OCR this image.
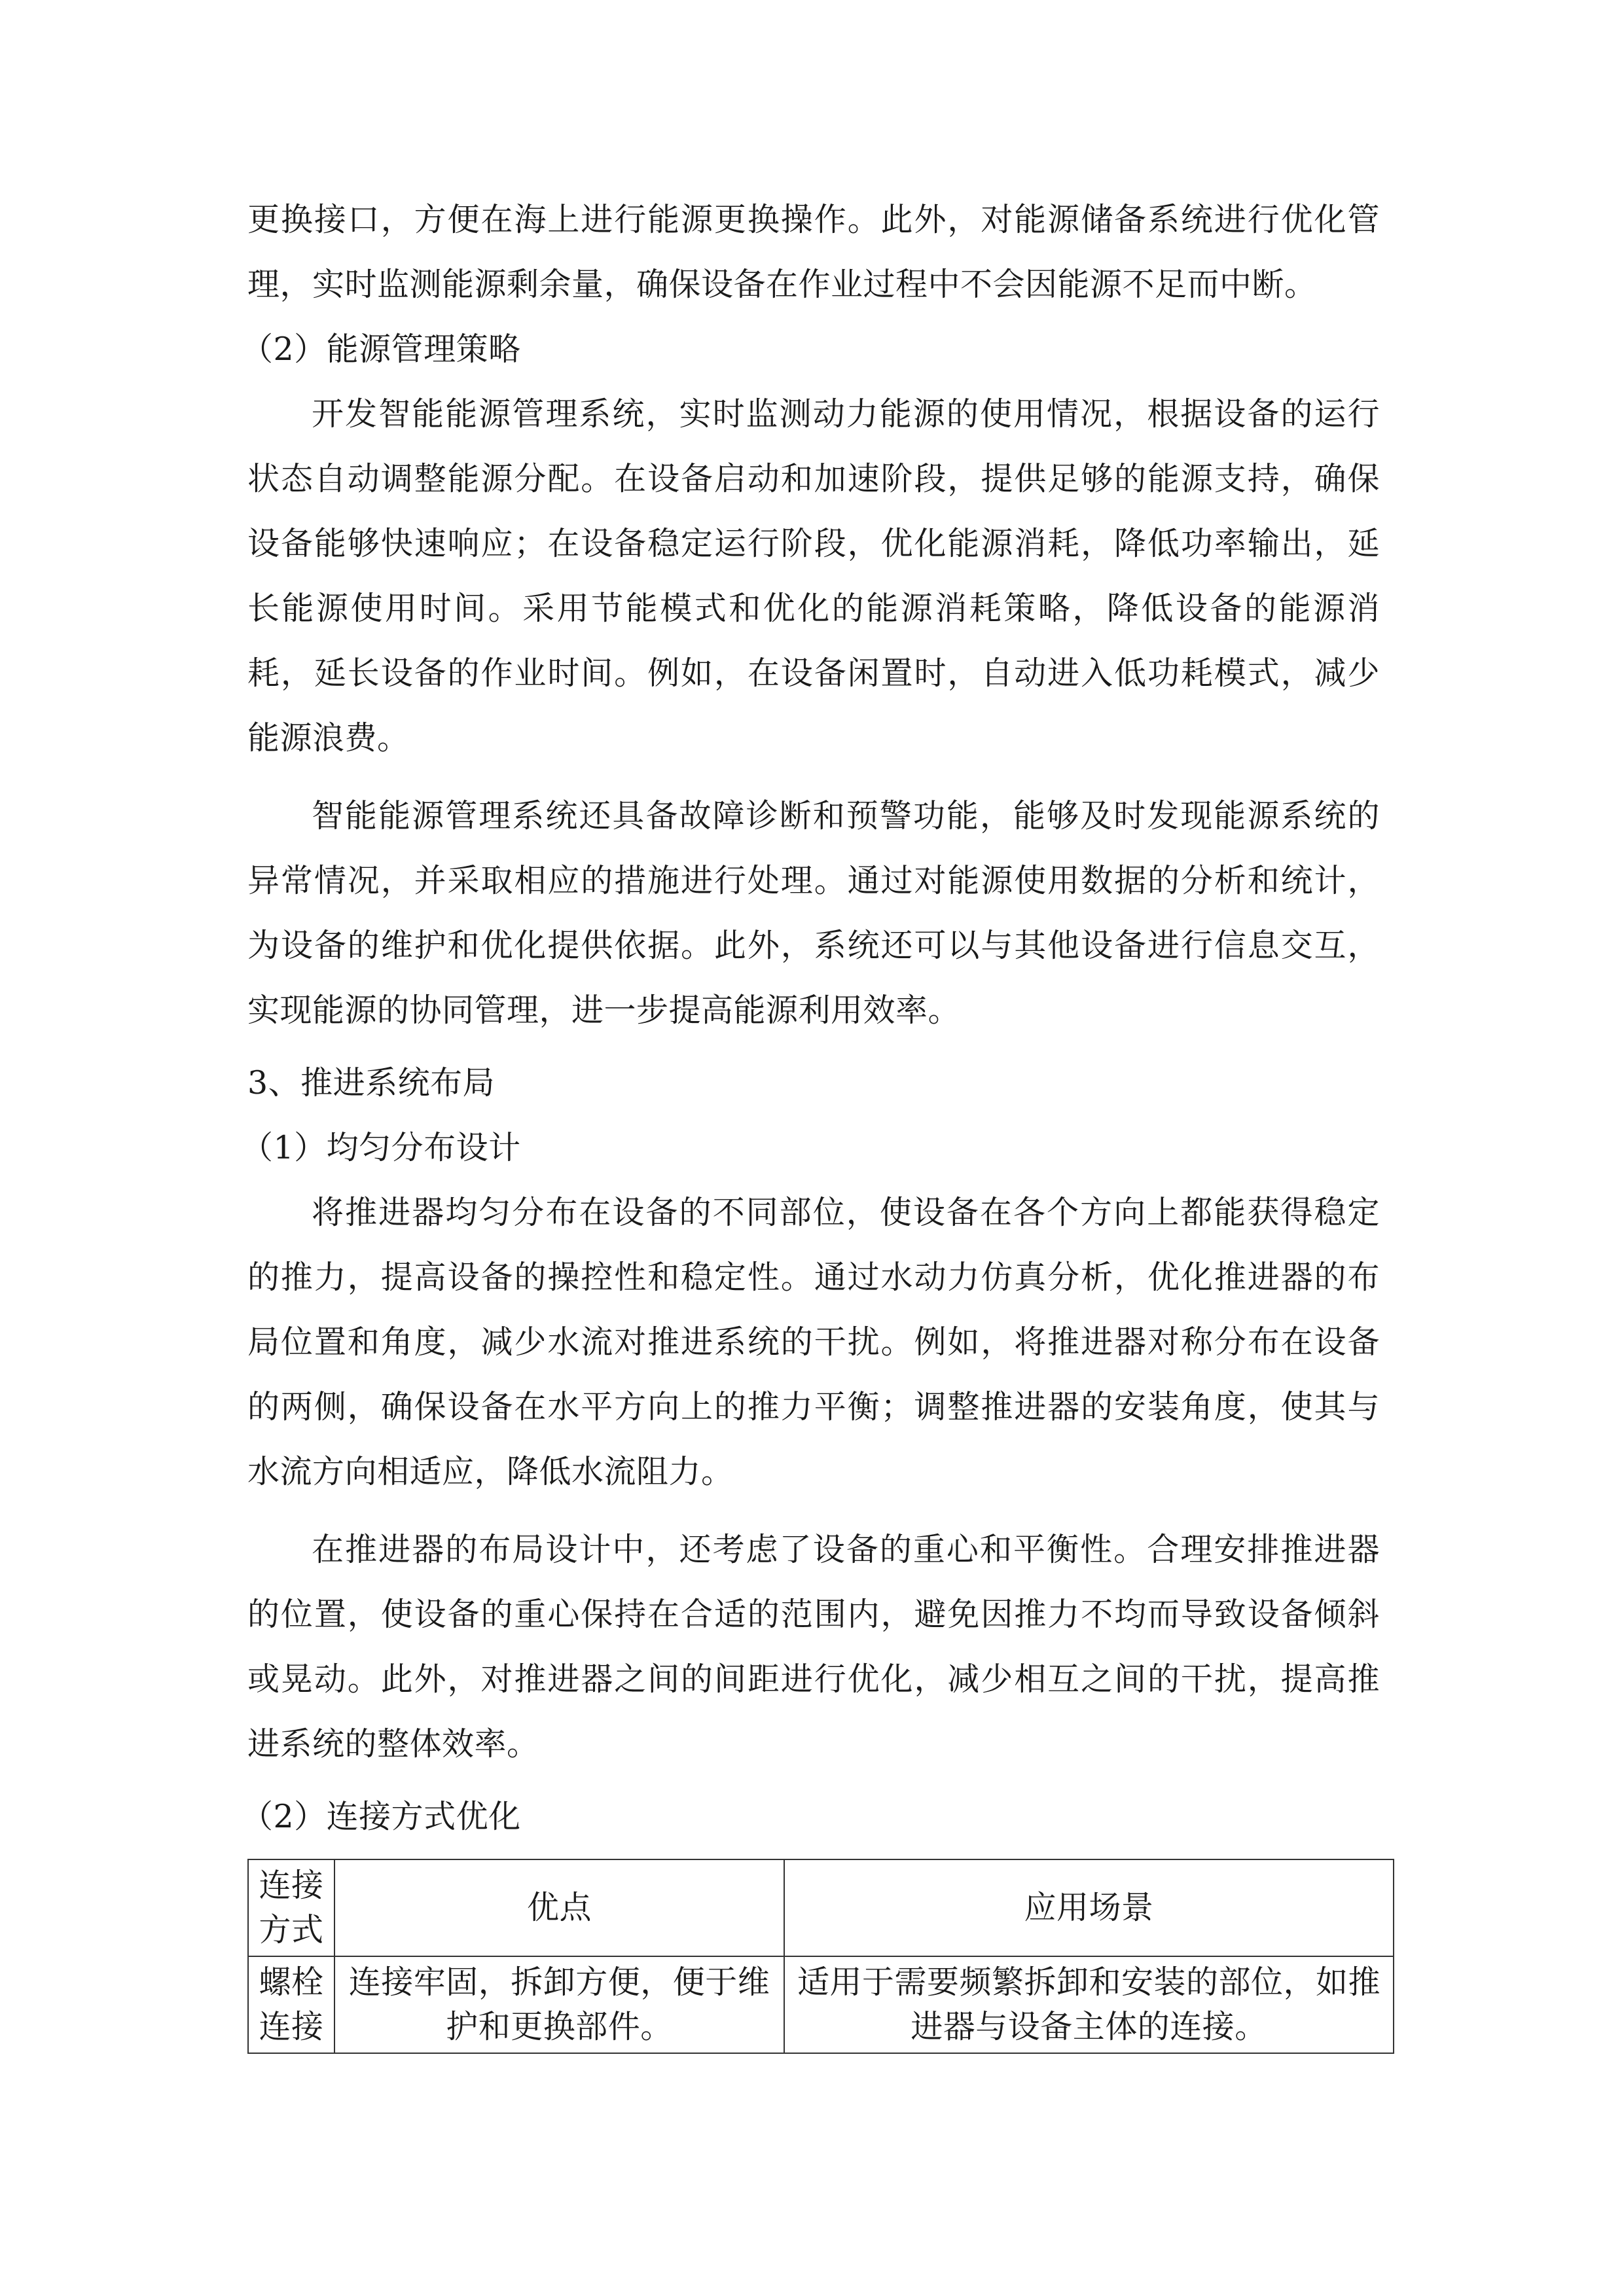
更换接口，方便在海上进行能源更换操作。此外，对能源储备系统进行优化管理，实时监测能源剩余量，确保设备在作业过程中不会因能源不足而中断。

（2）能源管理策略

开发智能能源管理系统，实时监测动力能源的使用情况，根据设备的运行状态自动调整能源分配。在设备启动和加速阶段，提供足够的能源支持，确保设备能够快速响应；在设备稳定运行阶段，优化能源消耗，降低功率输出，延长能源使用时间。采用节能模式和优化的能源消耗策略，降低设备的能源消耗，延长设备的作业时间。例如，在设备闲置时，自动进入低功耗模式，减少能源浪费。

智能能源管理系统还具备故障诊断和预警功能，能够及时发现能源系统的异常情况，并采取相应的措施进行处理。通过对能源使用数据的分析和统计，为设备的维护和优化提供依据。此外，系统还可以与其他设备进行信息交互，实现能源的协同管理，进一步提高能源利用效率。

3、推进系统布局

（1）均匀分布设计

将推进器均匀分布在设备的不同部位，使设备在各个方向上都能获得稳定的推力，提高设备的操控性和稳定性。通过水动力仿真分析，优化推进器的布局位置和角度，减少水流对推进系统的干扰。例如，将推进器对称分布在设备的两侧，确保设备在水平方向上的推力平衡；调整推进器的安装角度，使其与水流方向相适应，降低水流阻力。

在推进器的布局设计中，还考虑了设备的重心和平衡性。合理安排推进器的位置，使设备的重心保持在合适的范围内，避免因推力不均而导致设备倾斜或晃动。此外，对推进器之间的间距进行优化，减少相互之间的干扰，提高推进系统的整体效率。

（2）连接方式优化

连接方式	优点	应用场景
螺栓连接	连接牢固，拆卸方便，便于维护和更换部件。	适用于需要频繁拆卸和安装的部位，如推进器与设备主体的连接。
